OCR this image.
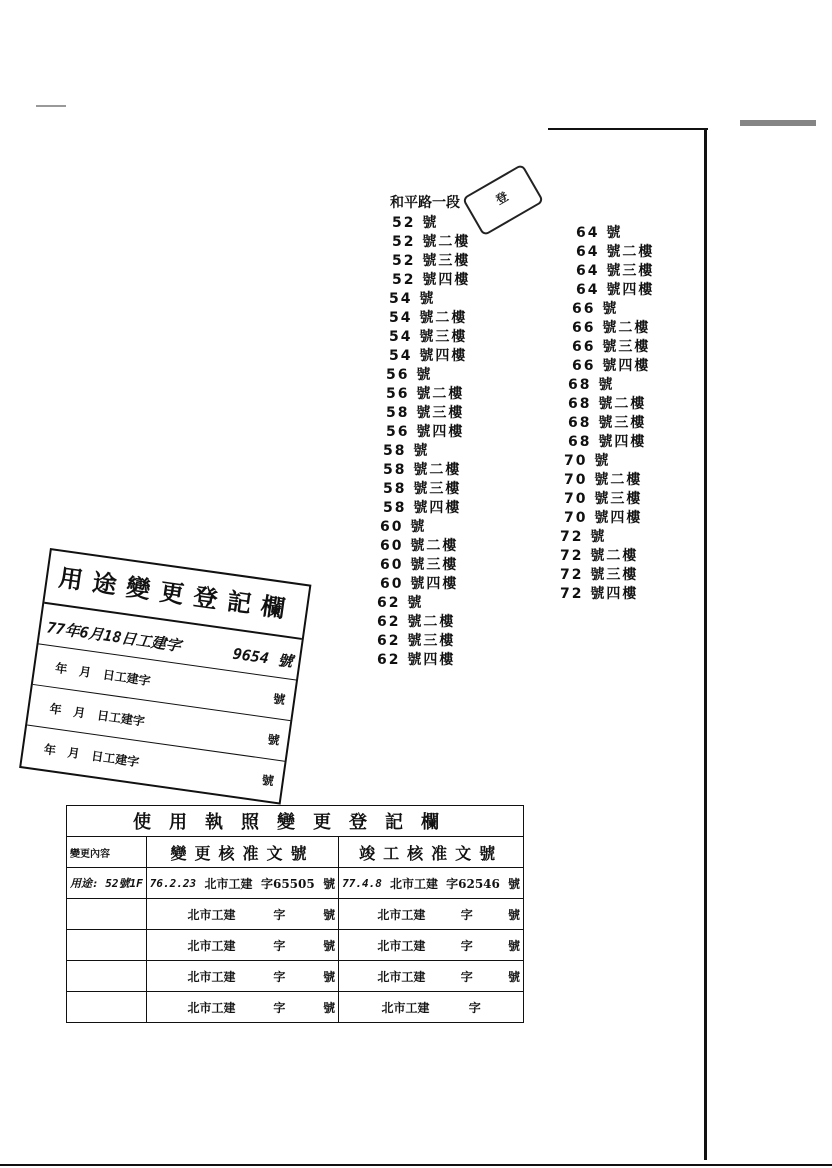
和平路一段	登
52 號
52 號二樓
52 號三樓
52 號四樓
54 號
54 號二樓
54 號三樓
54 號四樓
56 號
56 號二樓
58 號三樓
56 號四樓
58 號
58 號二樓
58 號三樓
58 號四樓
60 號
60 號二樓
60 號三樓
60 號四樓
62 號
62 號二樓
62 號三樓
62 號四樓
64 號
64 號二樓
64 號三樓
64 號四樓
66 號
66 號二樓
66 號三樓
66 號四樓
68 號
68 號二樓
68 號三樓
68 號四樓
70 號
70 號二樓
70 號三樓
70 號四樓
72 號
72 號二樓
72 號三樓
72 號四樓
用途變更登記欄
77年6月18日工建字
9654 號
年　月　日工建字
號
年　月　日工建字
號
年　月　日工建字
號
使用執照變更登記欄		
變更內容	變更核准文號	竣工核准文號
用途: 52號1F	76.2.23 北市工建 字65505 號	77.4.8 北市工建 字62546 號

	北市工建 字 號	北市工建 字 號

	北市工建 字 號	北市工建 字 號

	北市工建 字 號	北市工建 字 號

	北市工建 字 號	北市工建 字
